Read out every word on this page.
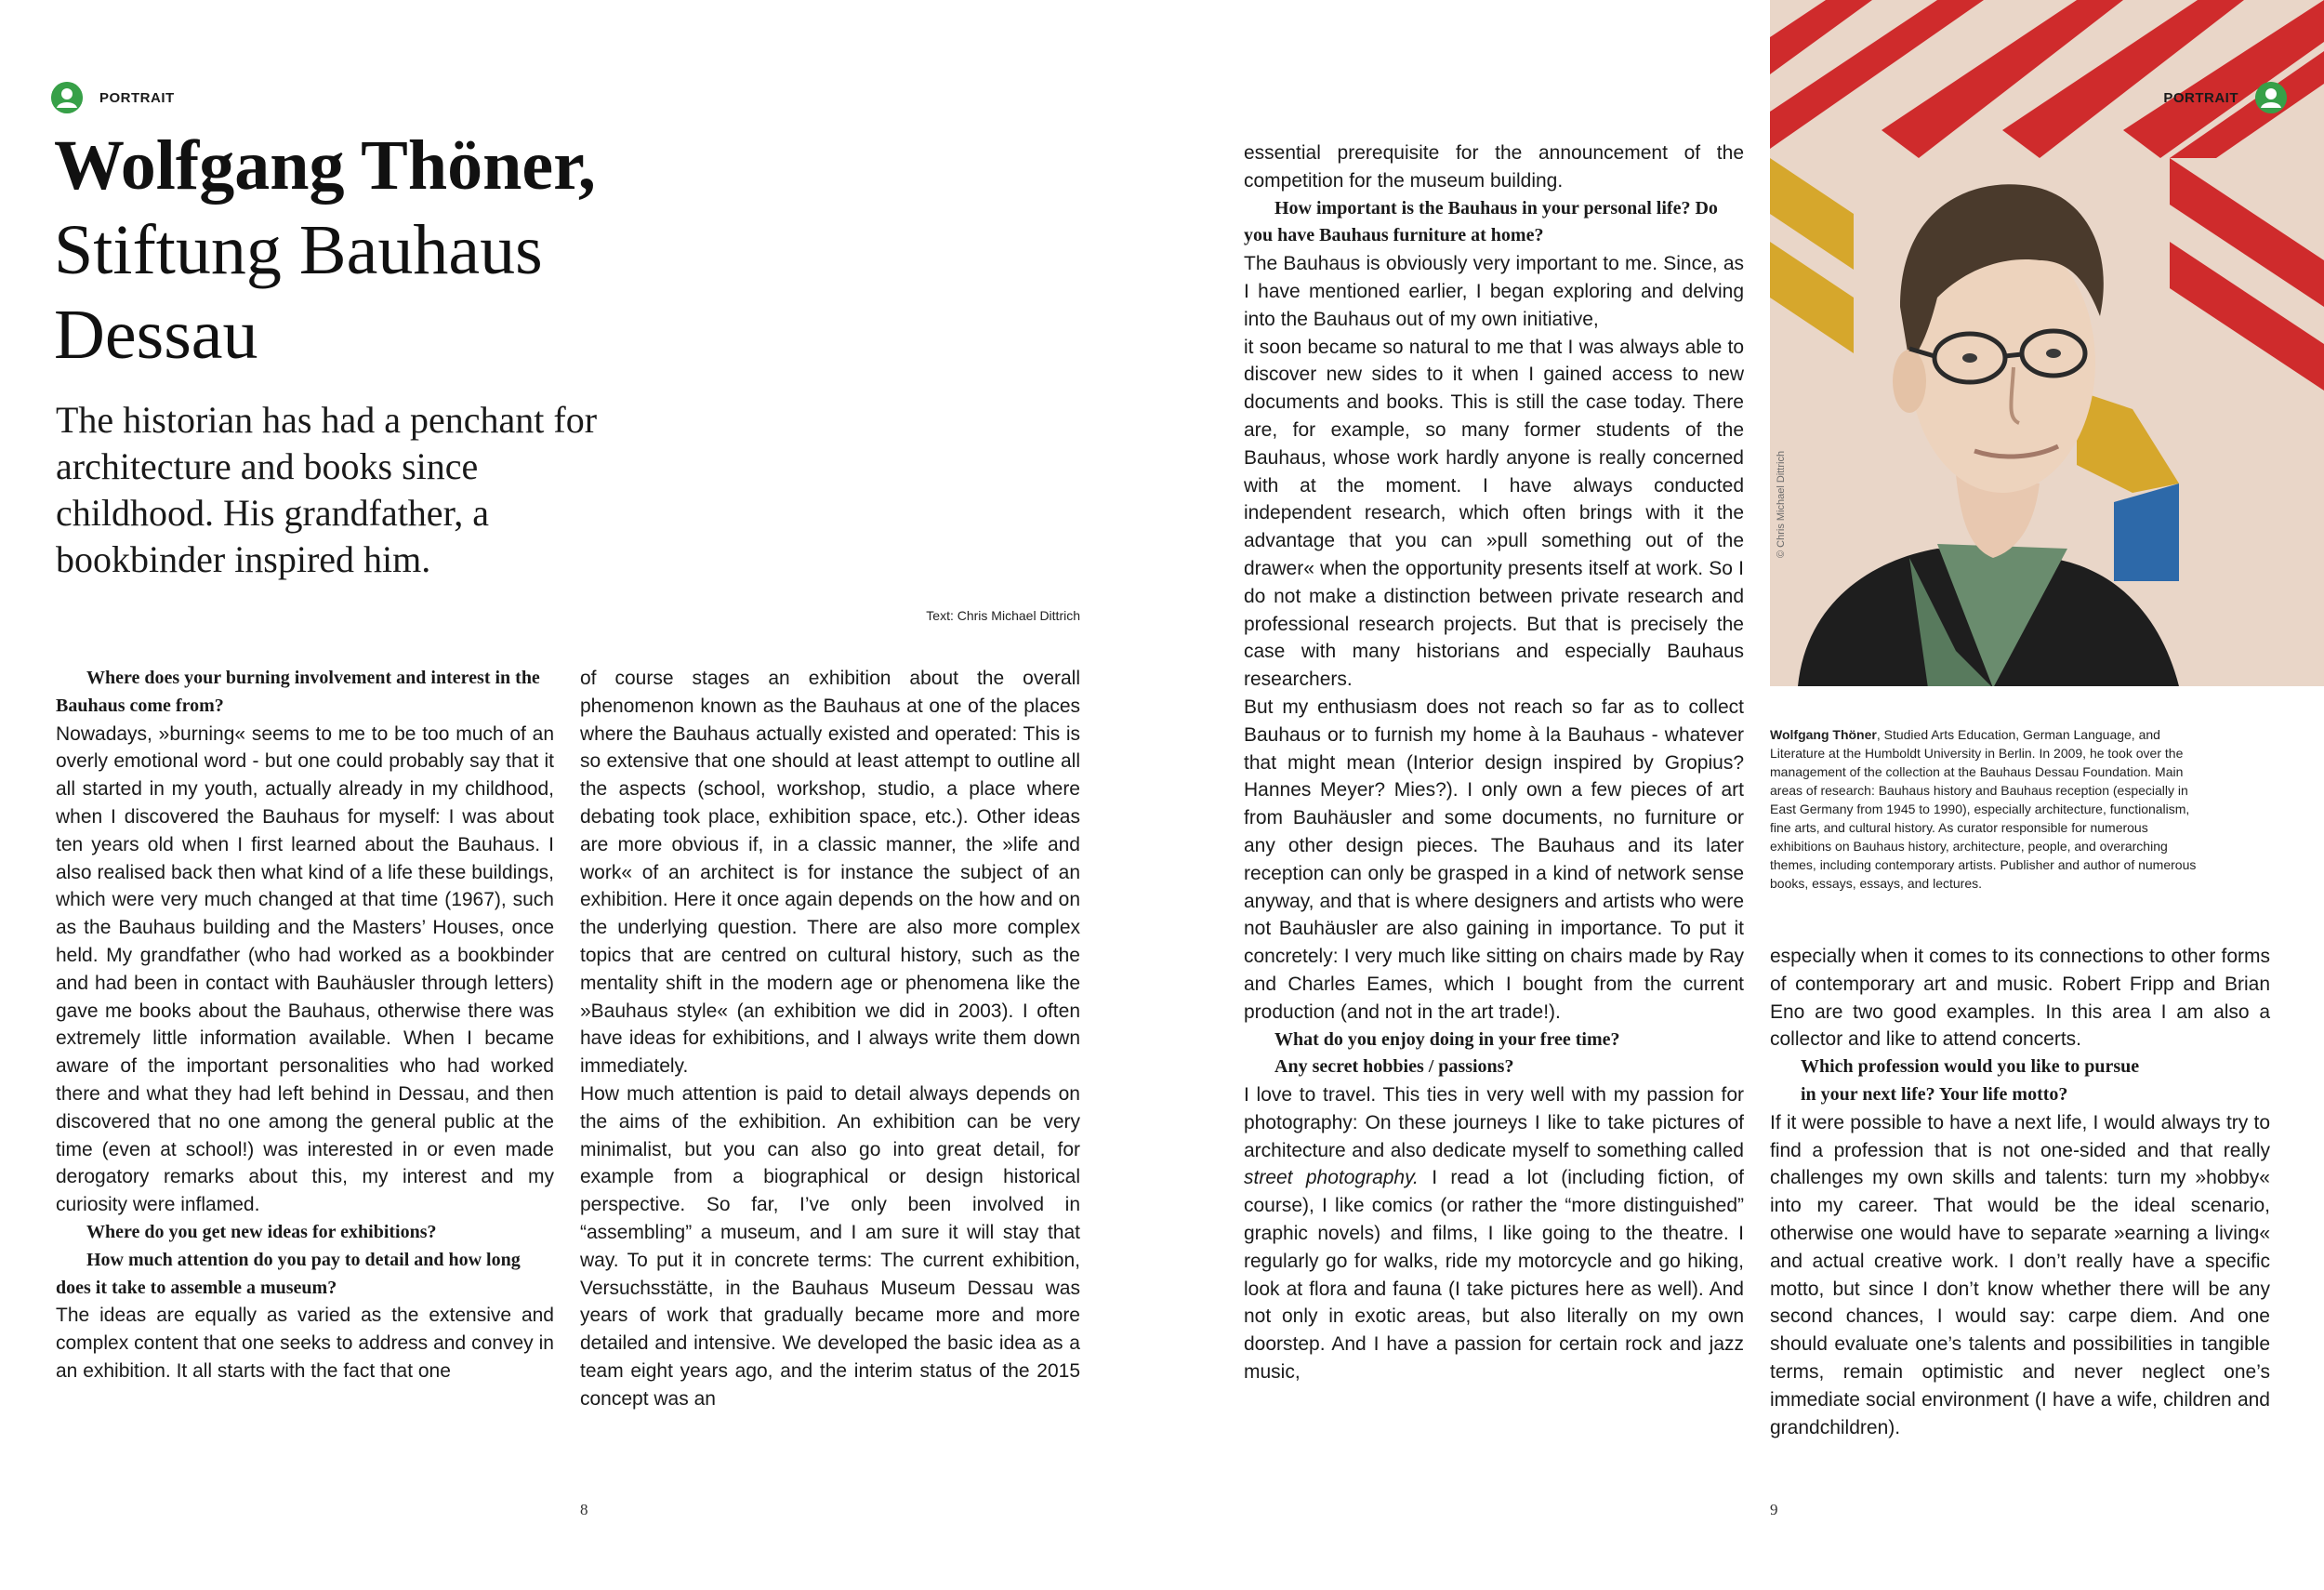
PORTRAIT
Wolfgang Thöner,
Stiftung Bauhaus
Dessau

The historian has had a penchant for architecture and books since childhood. His grandfather, a bookbinder inspired him.

Text: Chris Michael Dittrich

Where does your burning involvement and interest in the Bauhaus come from?

Nowadays, »burning« seems to me to be too much of an overly emotional word - but one could probably say that it all started in my youth, actually already in my childhood, when I discovered the Bauhaus for myself: I was about ten years old when I first learned about the Bauhaus. I also realised back then what kind of a life these buildings, which were very much changed at that time (1967), such as the Bauhaus building and the Masters’ Houses, once held. My grandfather (who had worked as a bookbinder and had been in contact with Bauhäusler through letters) gave me books about the Bauhaus, otherwise there was extremely little information available. When I became aware of the important personalities who had worked there and what they had left behind in Dessau, and then discovered that no one among the general public at the time (even at school!) was interested in or even made derogatory remarks about this, my interest and my curiosity were inflamed.

Where do you get new ideas for exhibitions?

How much attention do you pay to detail and how long does it take to assemble a museum?

The ideas are equally as varied as the extensive and complex content that one seeks to address and convey in an exhibition. It all starts with the fact that one

of course stages an exhibition about the overall phenomenon known as the Bauhaus at one of the places where the Bauhaus actually existed and operated: This is so extensive that one should at least attempt to outline all the aspects (school, workshop, studio, a place where debating took place, exhibition space, etc.). Other ideas are more obvious if, in a classic manner, the »life and work« of an architect is for instance the subject of an exhibition. Here it once again depends on the how and on the underlying question. There are also more complex topics that are centred on cultural history, such as the mentality shift in the modern age or phenomena like the »Bauhaus style« (an exhibition we did in 2003). I often have ideas for exhibitions, and I always write them down immediately.

How much attention is paid to detail always depends on the aims of the exhibition. An exhibition can be very minimalist, but you can also go into great detail, for example from a biographical or design historical perspective. So far, I’ve only been involved in “assembling” a museum, and I am sure it will stay that way. To put it in concrete terms: The current exhibition, Versuchsstätte, in the Bauhaus Museum Dessau was years of work that gradually became more and more detailed and intensive. We developed the basic idea as a team eight years ago, and the interim status of the 2015 concept was an

8

essential prerequisite for the announcement of the competition for the museum building.

How important is the Bauhaus in your personal life? Do you have Bauhaus furniture at home?

The Bauhaus is obviously very important to me. Since, as I have mentioned earlier, I began exploring and delving into the Bauhaus out of my own initiative,

it soon became so natural to me that I was always able to discover new sides to it when I gained access to new documents and books. This is still the case today. There are, for example, so many former students of the Bauhaus, whose work hardly anyone is really concerned with at the moment. I have always conducted independent research, which often brings with it the advantage that you can »pull something out of the drawer« when the opportunity presents itself at work. So I do not make a distinction between private research and professional research projects. But that is precisely the case with many historians and especially Bauhaus researchers.

But my enthusiasm does not reach so far as to collect Bauhaus or to furnish my home à la Bauhaus - whatever that might mean (Interior design inspired by Gropius? Hannes Meyer? Mies?). I only own a few pieces of art from Bauhäusler and some documents, no furniture or any other design pieces. The Bauhaus and its later reception can only be grasped in a kind of network sense anyway, and that is where designers and artists who were not Bauhäusler are also gaining in importance. To put it concretely: I very much like sitting on chairs made by Ray and Charles Eames, which I bought from the current production (and not in the art trade!).

What do you enjoy doing in your free time?

Any secret hobbies / passions?

I love to travel. This ties in very well with my passion for photography: On these journeys I like to take pictures of architecture and also dedicate myself to something called street photography. I read a lot (including fiction, of course), I like comics (or rather the “more distinguished” graphic novels) and films, I like going to the theatre. I regularly go for walks, ride my motorcycle and go hiking, look at flora and fauna (I take pictures here as well). And not only in exotic areas, but also literally on my own doorstep. And I have a passion for certain rock and jazz music,

© Chris Michael Dittrich
PORTRAIT
Wolfgang Thöner, Studied Arts Education, German Language, and Literature at the Humboldt University in Berlin. In 2009, he took over the management of the collection at the Bauhaus Dessau Foundation. Main areas of research: Bauhaus history and Bauhaus reception (especially in East Germany from 1945 to 1990), especially architecture, functionalism, fine arts, and cultural history. As curator responsible for numerous exhibitions on Bauhaus history, architecture, people, and overarching themes, including contemporary artists. Publisher and author of numerous books, essays, essays, and lectures.

especially when it comes to its connections to other forms of contemporary art and music. Robert Fripp and Brian Eno are two good examples. In this area I am also a collector and like to attend concerts.

Which profession would you like to pursue

in your next life? Your life motto?

If it were possible to have a next life, I would always try to find a profession that is not one-sided and that really challenges my own skills and talents: turn my »hobby« into my career. That would be the ideal scenario, otherwise one would have to separate »earning a living« and actual creative work. I don’t really have a specific motto, but since I don’t know whether there will be any second chances, I would say: carpe diem. And one should evaluate one’s talents and possibilities in tangible terms, remain optimistic and never neglect one’s immediate social environment (I have a wife, children and grandchildren).

9
